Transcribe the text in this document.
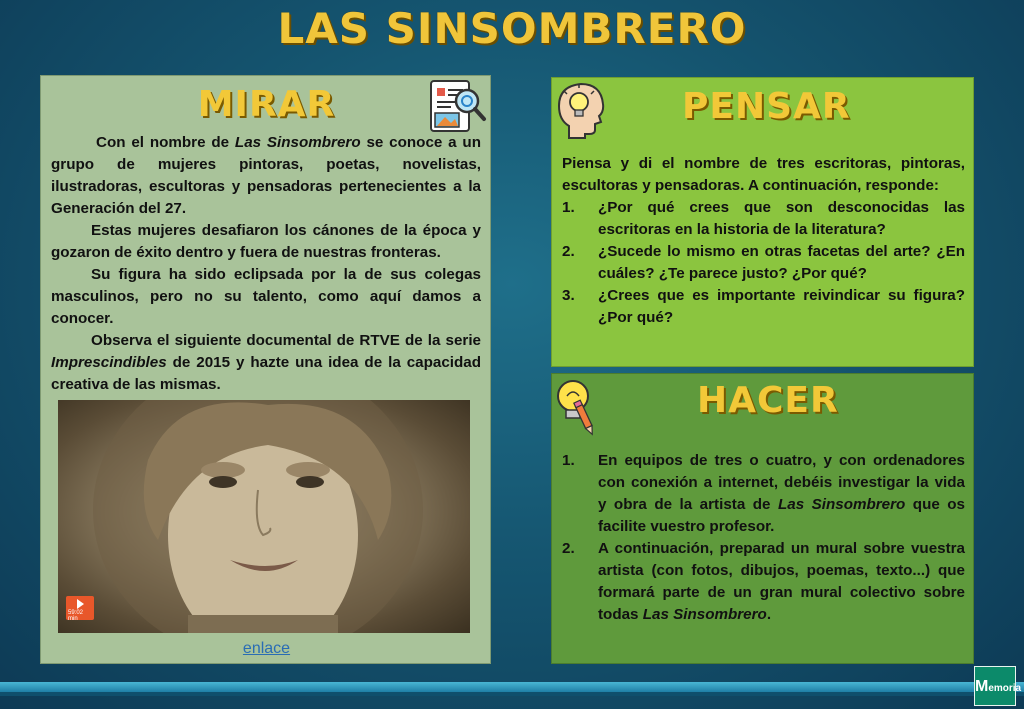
LAS SINSOMBRERO
MIRAR

Con el nombre de Las Sinsombrero se conoce a un grupo de mujeres pintoras, poetas, novelistas, ilustradoras, escultoras y pensadoras pertenecientes a la Generación del 27.

Estas mujeres desafiaron los cánones de la época y gozaron de éxito dentro y fuera de nuestras fronteras.

Su figura ha sido eclipsada por la de sus colegas masculinos, pero no su talento, como aquí damos a conocer.

Observa el siguiente documental de RTVE de la serie Imprescindibles de 2015 y hazte una idea de la capacidad creativa de las mismas.

59:02 min
enlace
PENSAR

Piensa y di el nombre de tres escritoras, pintoras, escultoras y pensadoras. A continuación, responde:

1. ¿Por qué crees que son desconocidas las escritoras en la historia de la literatura?
2. ¿Sucede lo mismo en otras facetas del arte? ¿En cuáles? ¿Te parece justo? ¿Por qué?
3. ¿Crees que es importante reivindicar su figura? ¿Por qué?
HACER
1. En equipos de tres o cuatro, y con ordenadores con conexión a internet, debéis investigar la vida y obra de la artista de Las Sinsombrero que os facilite vuestro profesor.
2. A continuación, preparad un mural sobre vuestra artista (con fotos, dibujos, poemas, texto...) que formará parte de un gran mural colectivo sobre todas Las Sinsombrero.
Memoria
